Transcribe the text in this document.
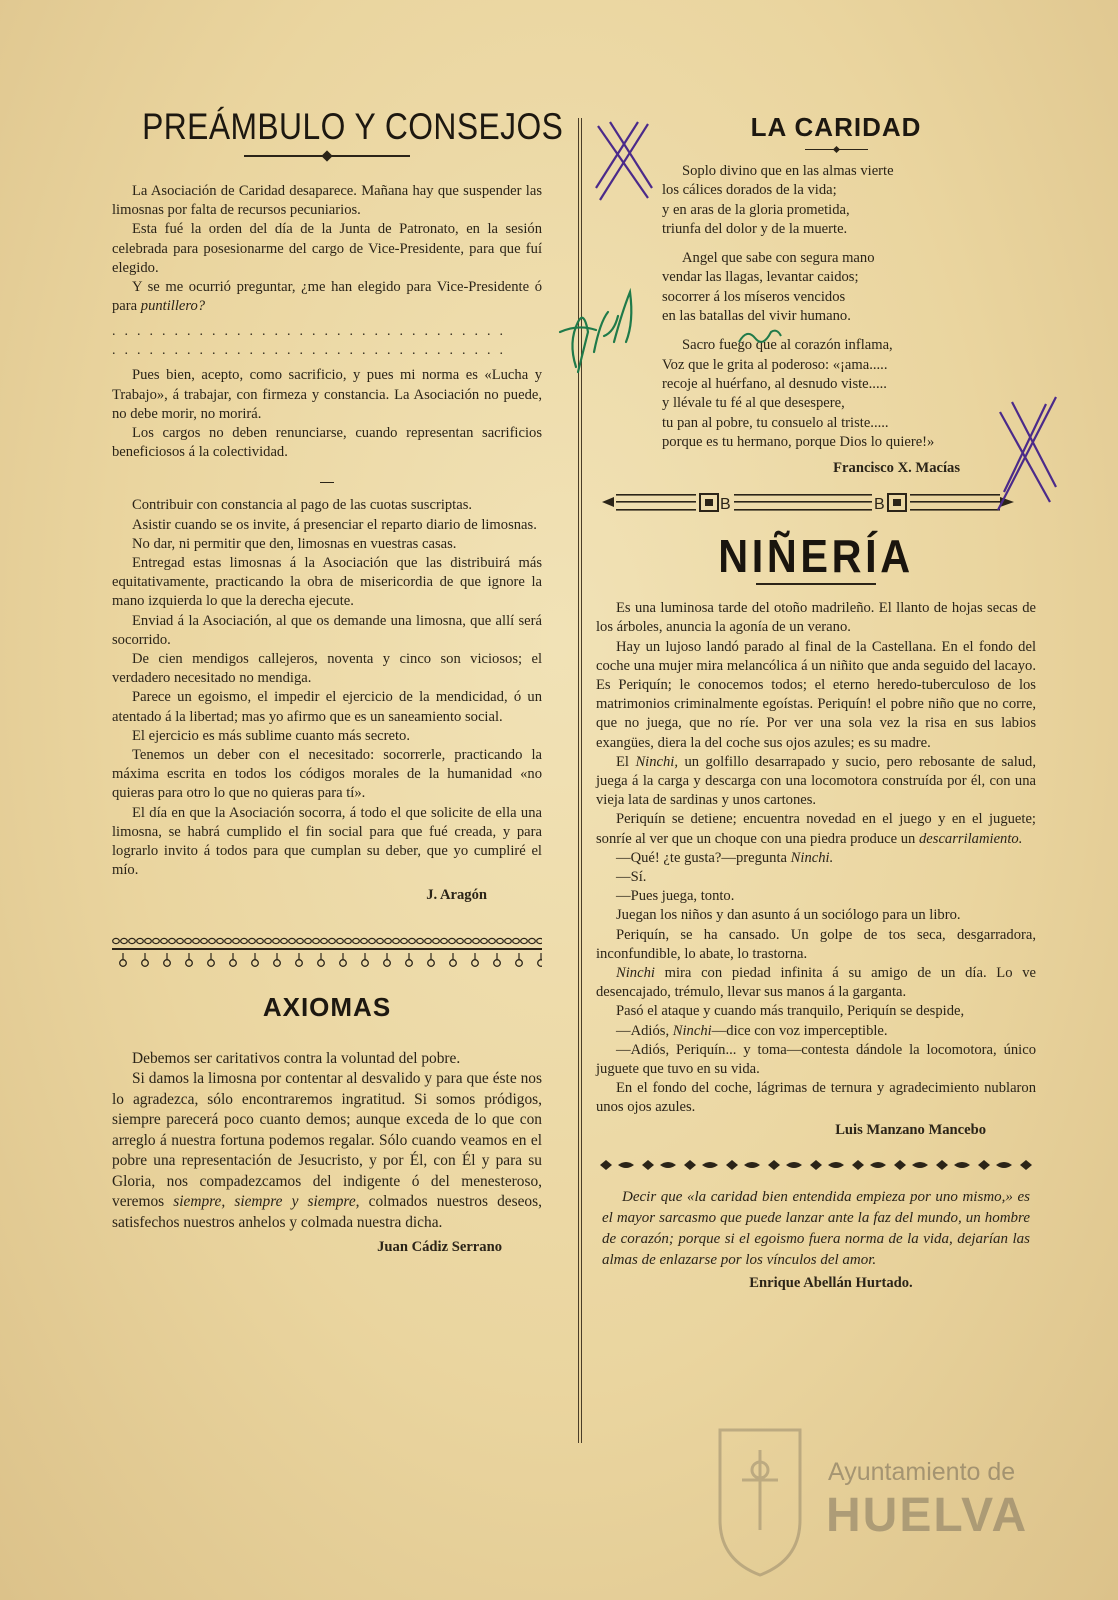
PREÁMBULO Y CONSEJOS

La Asociación de Caridad desaparece. Mañana hay que suspender las limosnas por falta de recursos pecuniarios.

Esta fué la orden del día de la Junta de Patronato, en la sesión celebrada para posesionarme del cargo de Vice-Presidente, para que fuí elegido.

Y se me ocurrió preguntar, ¿me han elegido para Vice-Presidente ó para puntillero?

................................
................................

Pues bien, acepto, como sacrificio, y pues mi norma es «Lucha y Trabajo», á trabajar, con firmeza y constancia. La Asociación no puede, no debe morir, no morirá.

Los cargos no deben renunciarse, cuando representan sacrificios beneficiosos á la colectividad.

Contribuir con constancia al pago de las cuotas suscriptas.

Asistir cuando se os invite, á presenciar el reparto diario de limosnas.

No dar, ni permitir que den, limosnas en vuestras casas.

Entregad estas limosnas á la Asociación que las distribuirá más equitativamente, practicando la obra de misericordia de que ignore la mano izquierda lo que la derecha ejecute.

Enviad á la Asociación, al que os demande una limosna, que allí será socorrido.

De cien mendigos callejeros, noventa y cinco son viciosos; el verdadero necesitado no mendiga.

Parece un egoismo, el impedir el ejercicio de la mendicidad, ó un atentado á la libertad; mas yo afirmo que es un saneamiento social.

El ejercicio es más sublime cuanto más secreto.

Tenemos un deber con el necesitado: socorrerle, practicando la máxima escrita en todos los códigos morales de la humanidad «no quieras para otro lo que no quieras para tí».

El día en que la Asociación socorra, á todo el que solicite de ella una limosna, se habrá cumplido el fin social para que fué creada, y para lograrlo invito á todos para que cumplan su deber, que yo cumpliré el mío.

J. Aragón
AXIOMAS

Debemos ser caritativos contra la voluntad del pobre.

Si damos la limosna por contentar al desvalido y para que éste nos lo agradezca, sólo encontraremos ingratitud. Si somos pródigos, siempre parecerá poco cuanto demos; aunque exceda de lo que con arreglo á nuestra fortuna podemos regalar. Sólo cuando veamos en el pobre una representación de Jesucristo, y por Él, con Él y para su Gloria, nos compadezcamos del indigente ó del menesteroso, veremos siempre, siempre y siempre, colmados nuestros deseos, satisfechos nuestros anhelos y colmada nuestra dicha.

Juan Cádiz Serrano
LA CARIDAD

Soplo divino que en las almas vierte

los cálices dorados de la vida;

y en aras de la gloria prometida,

triunfa del dolor y de la muerte.

Angel que sabe con segura mano

vendar las llagas, levantar caidos;

socorrer á los míseros vencidos

en las batallas del vivir humano.

Sacro fuego que al corazón inflama,

Voz que le grita al poderoso: «¡ama.....

recoje al huérfano, al desnudo viste.....

y llévale tu fé al que desespere,

tu pan al pobre, tu consuelo al triste.....

porque es tu hermano, porque Dios lo quiere!»

Francisco X. Macías
B	B
NIÑERÍA

Es una luminosa tarde del otoño madrileño. El llanto de hojas secas de los árboles, anuncia la agonía de un verano.

Hay un lujoso landó parado al final de la Castellana. En el fondo del coche una mujer mira melancólica á un niñito que anda seguido del lacayo. Es Periquín; le conocemos todos; el eterno heredo-tuberculoso de los matrimonios criminalmente egoístas. Periquín! el pobre niño que no corre, que no juega, que no ríe. Por ver una sola vez la risa en sus labios exangües, diera la del coche sus ojos azules; es su madre.

El Ninchi, un golfillo desarrapado y sucio, pero rebosante de salud, juega á la carga y descarga con una locomotora construída por él, con una vieja lata de sardinas y unos cartones.

Periquín se detiene; encuentra novedad en el juego y en el juguete; sonríe al ver que un choque con una piedra produce un descarrilamiento.

—Qué! ¿te gusta?—pregunta Ninchi.

—Sí.

—Pues juega, tonto.

Juegan los niños y dan asunto á un sociólogo para un libro.

Periquín, se ha cansado. Un golpe de tos seca, desgarradora, inconfundible, lo abate, lo trastorna.

Ninchi mira con piedad infinita á su amigo de un día. Lo ve desencajado, trémulo, llevar sus manos á la garganta.

Pasó el ataque y cuando más tranquilo, Periquín se despide,

—Adiós, Ninchi—dice con voz imperceptible.

—Adiós, Periquín... y toma—contesta dándole la locomotora, único juguete que tuvo en su vida.

En el fondo del coche, lágrimas de ternura y agradecimiento nublaron unos ojos azules.

Luis Manzano Mancebo

Decir que «la caridad bien entendida empieza por uno mismo,» es el mayor sarcasmo que puede lanzar ante la faz del mundo, un hombre de corazón; porque si el egoismo fuera norma de la vida, dejarían las almas de enlazarse por los vínculos del amor.

Enrique Abellán Hurtado.
Ayuntamiento de
HUELVA
